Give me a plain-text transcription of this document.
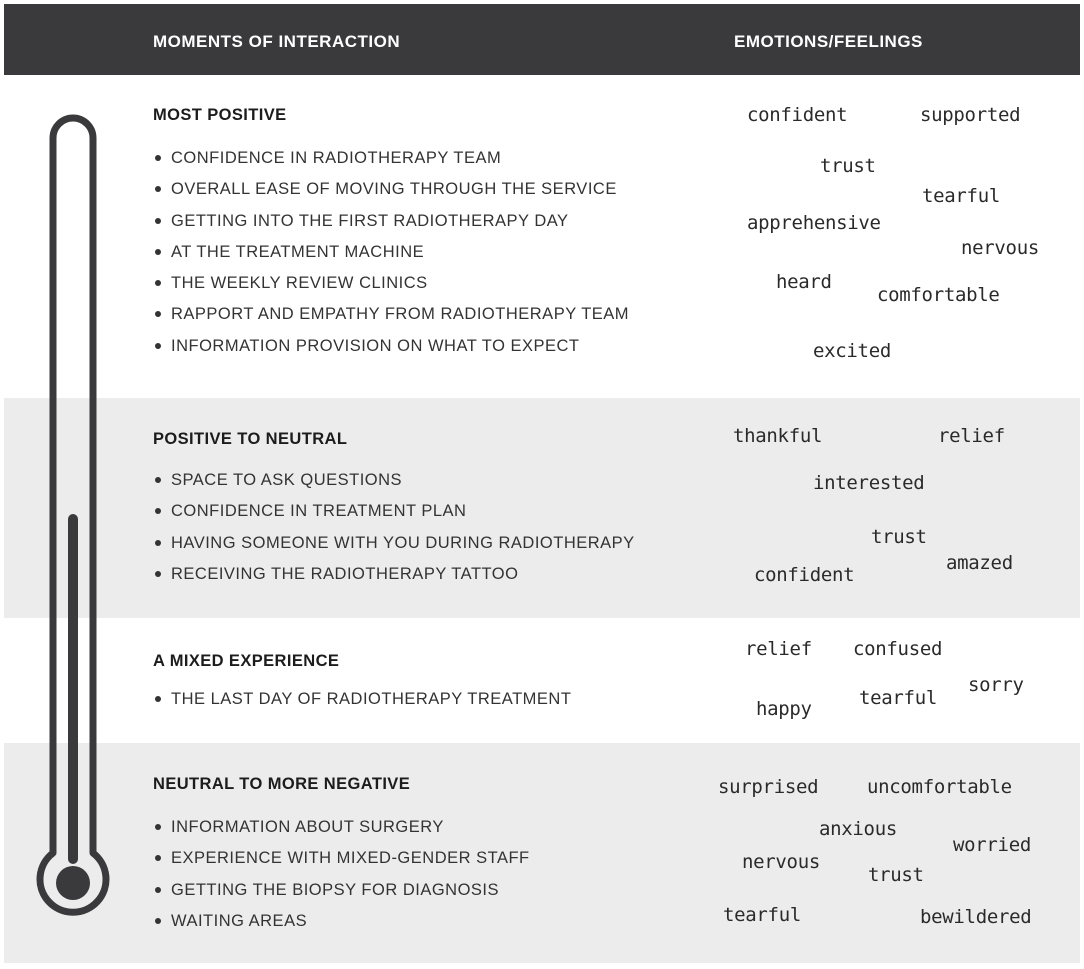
MOMENTS OF INTERACTION	EMOTIONS/FEELINGS
MOST POSITIVE
CONFIDENCE IN RADIOTHERAPY TEAM
OVERALL EASE OF MOVING THROUGH THE SERVICE
GETTING INTO THE FIRST RADIOTHERAPY DAY
AT THE TREATMENT MACHINE
THE WEEKLY REVIEW CLINICS
RAPPORT AND EMPATHY FROM RADIOTHERAPY TEAM
INFORMATION PROVISION ON WHAT TO EXPECT
confident	supported
trust
tearful
apprehensive
nervous
heard
comfortable
excited
POSITIVE TO NEUTRAL
SPACE TO ASK QUESTIONS
CONFIDENCE IN TREATMENT PLAN
HAVING SOMEONE WITH YOU DURING RADIOTHERAPY
RECEIVING THE RADIOTHERAPY TATTOO
thankful	relief
interested
trust
amazed
confident
A MIXED EXPERIENCE
THE LAST DAY OF RADIOTHERAPY TREATMENT
relief confused
sorry
tearful
happy
NEUTRAL TO MORE NEGATIVE
INFORMATION ABOUT SURGERY
EXPERIENCE WITH MIXED-GENDER STAFF
GETTING THE BIOPSY FOR DIAGNOSIS
WAITING AREAS
surprised	uncomfortable
anxious
worried
nervous
trust
tearful	bewildered
